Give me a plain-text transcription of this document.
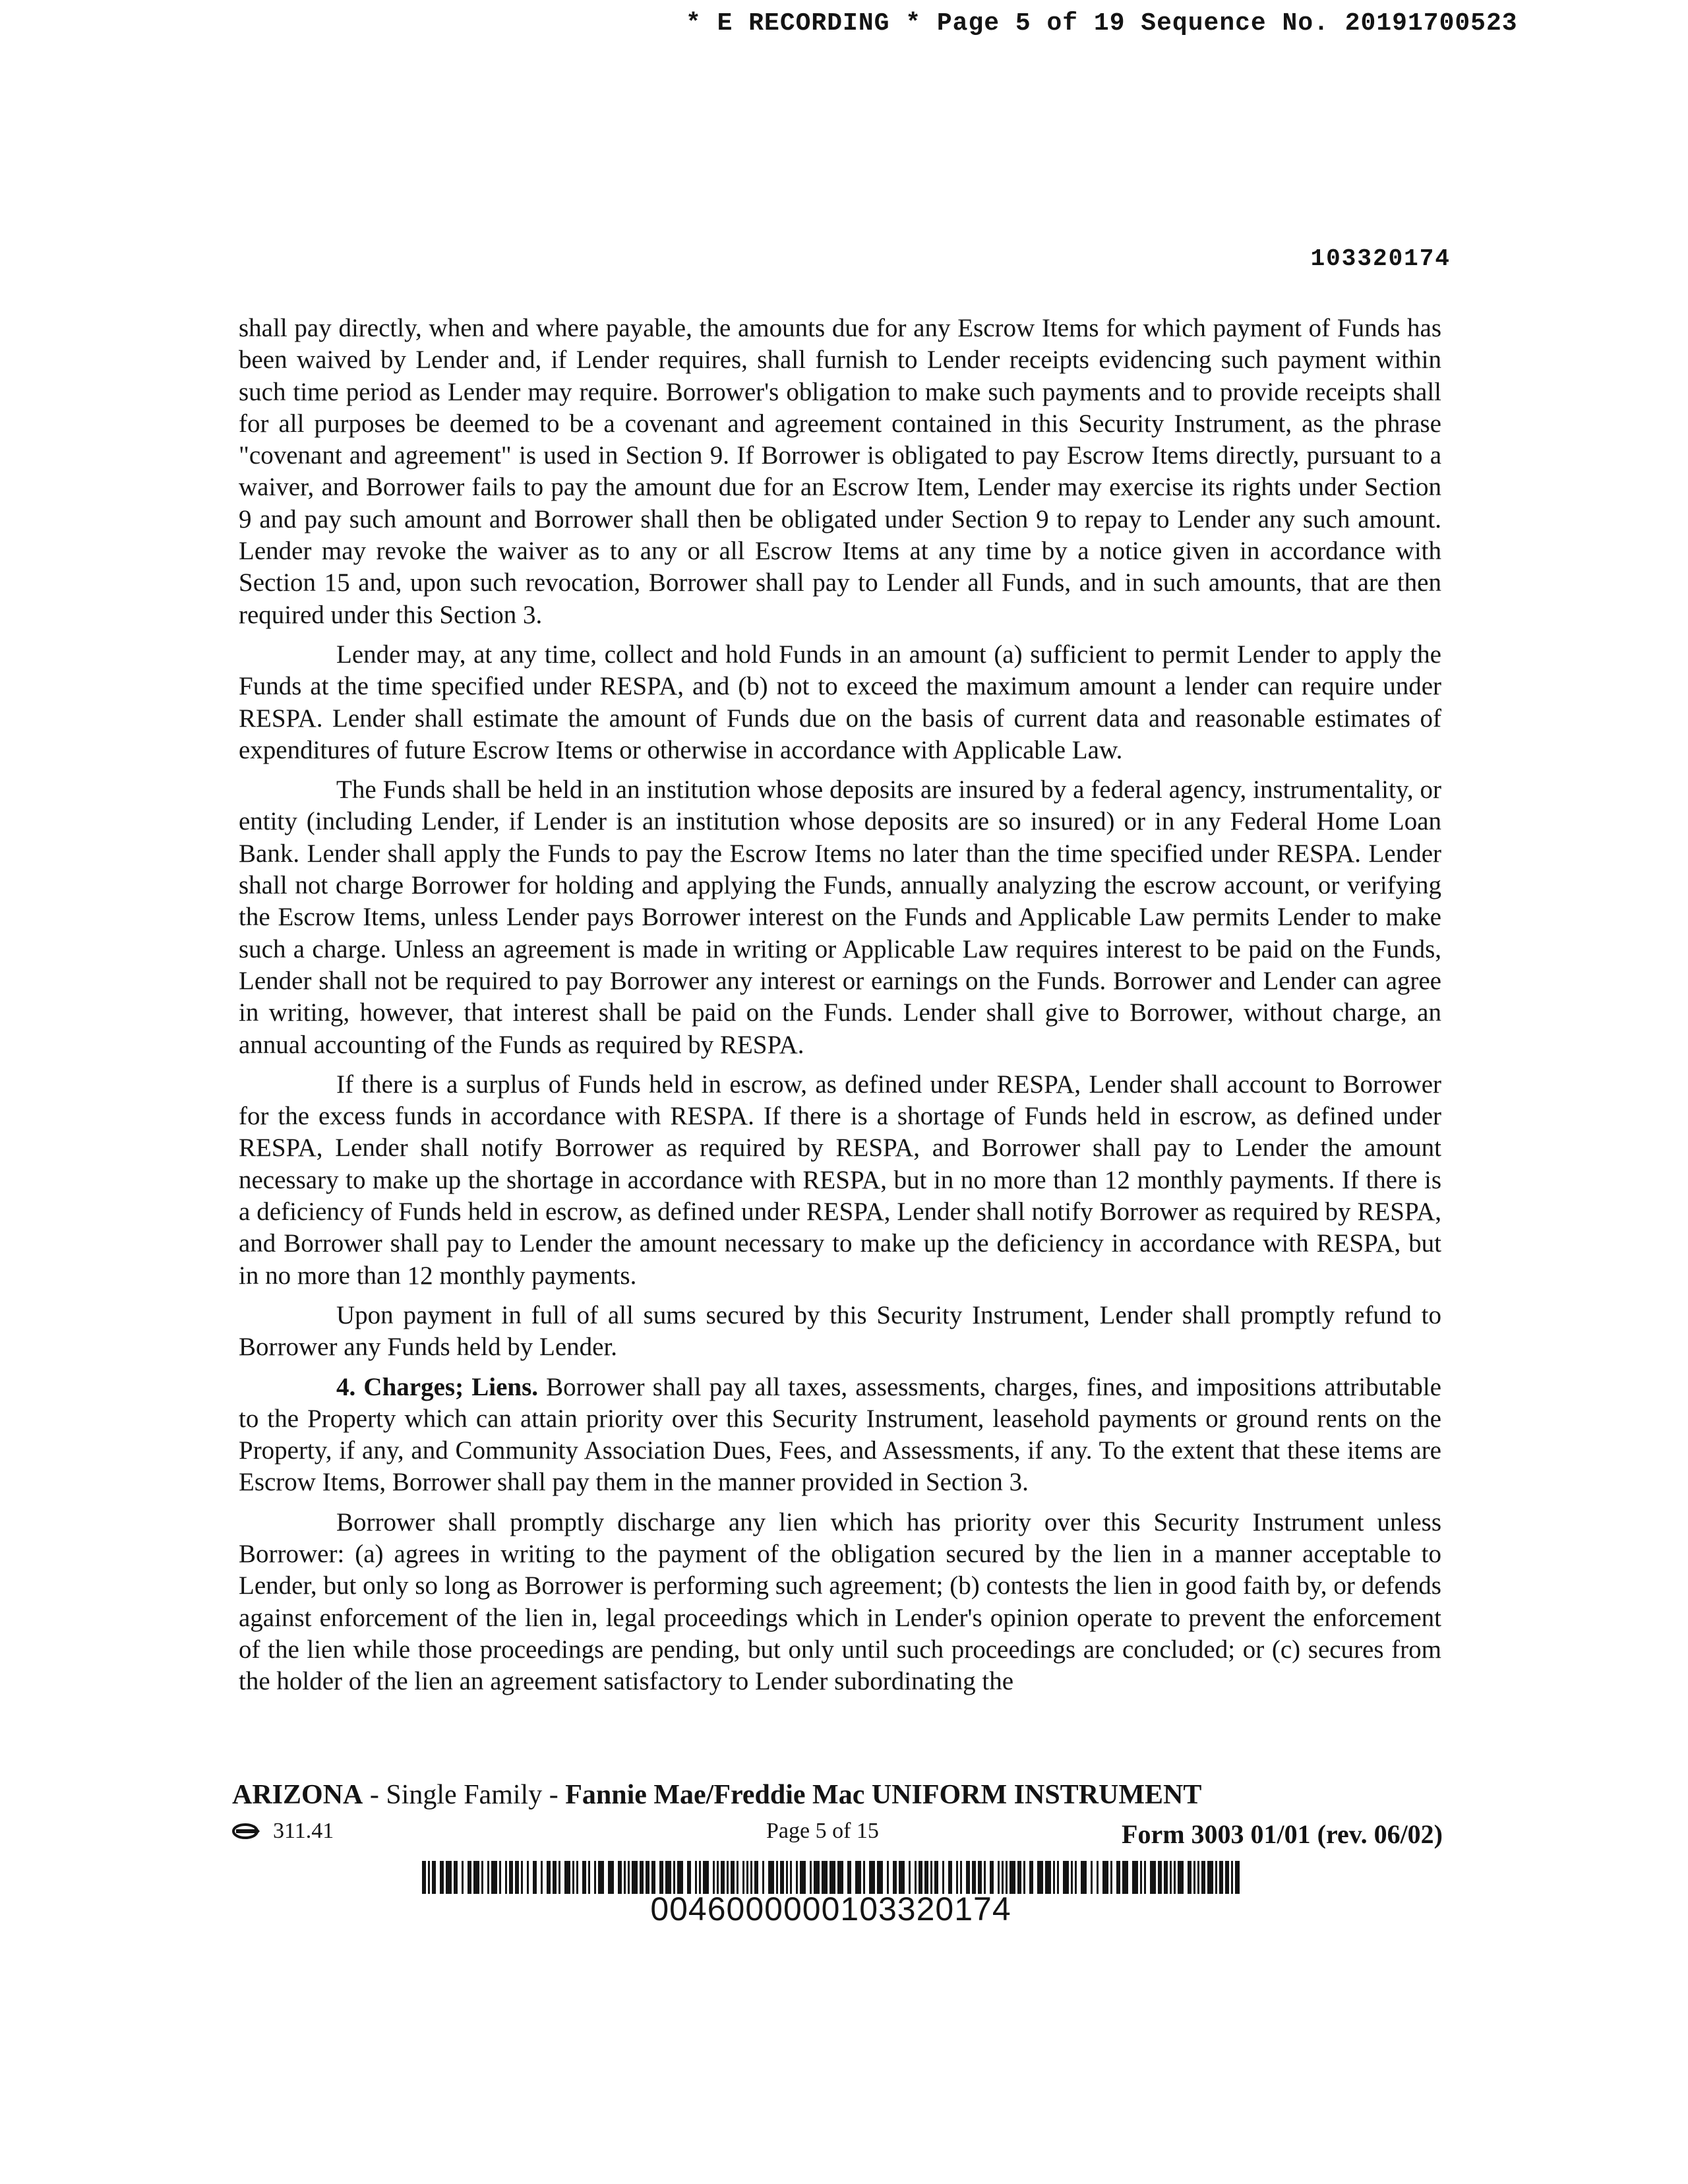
* E RECORDING * Page 5 of 19 Sequence No. 20191700523
103320174

shall pay directly, when and where payable, the amounts due for any Escrow Items for which payment of Funds has been waived by Lender and, if Lender requires, shall furnish to Lender receipts evidencing such payment within such time period as Lender may require. Borrower's obligation to make such payments and to provide receipts shall for all purposes be deemed to be a covenant and agreement contained in this Security Instrument, as the phrase "covenant and agreement" is used in Section 9. If Borrower is obligated to pay Escrow Items directly, pursuant to a waiver, and Borrower fails to pay the amount due for an Escrow Item, Lender may exercise its rights under Section 9 and pay such amount and Borrower shall then be obligated under Section 9 to repay to Lender any such amount. Lender may revoke the waiver as to any or all Escrow Items at any time by a notice given in accordance with Section 15 and, upon such revocation, Borrower shall pay to Lender all Funds, and in such amounts, that are then required under this Section 3.

Lender may, at any time, collect and hold Funds in an amount (a) sufficient to permit Lender to apply the Funds at the time specified under RESPA, and (b) not to exceed the maximum amount a lender can require under RESPA. Lender shall estimate the amount of Funds due on the basis of current data and reasonable estimates of expenditures of future Escrow Items or otherwise in accordance with Applicable Law.

The Funds shall be held in an institution whose deposits are insured by a federal agency, instrumentality, or entity (including Lender, if Lender is an institution whose deposits are so insured) or in any Federal Home Loan Bank. Lender shall apply the Funds to pay the Escrow Items no later than the time specified under RESPA. Lender shall not charge Borrower for holding and applying the Funds, annually analyzing the escrow account, or verifying the Escrow Items, unless Lender pays Borrower interest on the Funds and Applicable Law permits Lender to make such a charge. Unless an agreement is made in writing or Applicable Law requires interest to be paid on the Funds, Lender shall not be required to pay Borrower any interest or earnings on the Funds. Borrower and Lender can agree in writing, however, that interest shall be paid on the Funds. Lender shall give to Borrower, without charge, an annual accounting of the Funds as required by RESPA.

If there is a surplus of Funds held in escrow, as defined under RESPA, Lender shall account to Borrower for the excess funds in accordance with RESPA. If there is a shortage of Funds held in escrow, as defined under RESPA, Lender shall notify Borrower as required by RESPA, and Borrower shall pay to Lender the amount necessary to make up the shortage in accordance with RESPA, but in no more than 12 monthly payments. If there is a deficiency of Funds held in escrow, as defined under RESPA, Lender shall notify Borrower as required by RESPA, and Borrower shall pay to Lender the amount necessary to make up the deficiency in accordance with RESPA, but in no more than 12 monthly payments.

Upon payment in full of all sums secured by this Security Instrument, Lender shall promptly refund to Borrower any Funds held by Lender.

4. Charges; Liens. Borrower shall pay all taxes, assessments, charges, fines, and impositions attributable to the Property which can attain priority over this Security Instrument, leasehold payments or ground rents on the Property, if any, and Community Association Dues, Fees, and Assessments, if any. To the extent that these items are Escrow Items, Borrower shall pay them in the manner provided in Section 3.

Borrower shall promptly discharge any lien which has priority over this Security Instrument unless Borrower: (a) agrees in writing to the payment of the obligation secured by the lien in a manner acceptable to Lender, but only so long as Borrower is performing such agreement; (b) contests the lien in good faith by, or defends against enforcement of the lien in, legal proceedings which in Lender's opinion operate to prevent the enforcement of the lien while those proceedings are pending, but only until such proceedings are concluded; or (c) secures from the holder of the lien an agreement satisfactory to Lender subordinating the

ARIZONA - Single Family - Fannie Mae/Freddie Mac UNIFORM INSTRUMENT
311.41	Page 5 of 15	Form 3003 01/01 (rev. 06/02)
0046000000103320174
